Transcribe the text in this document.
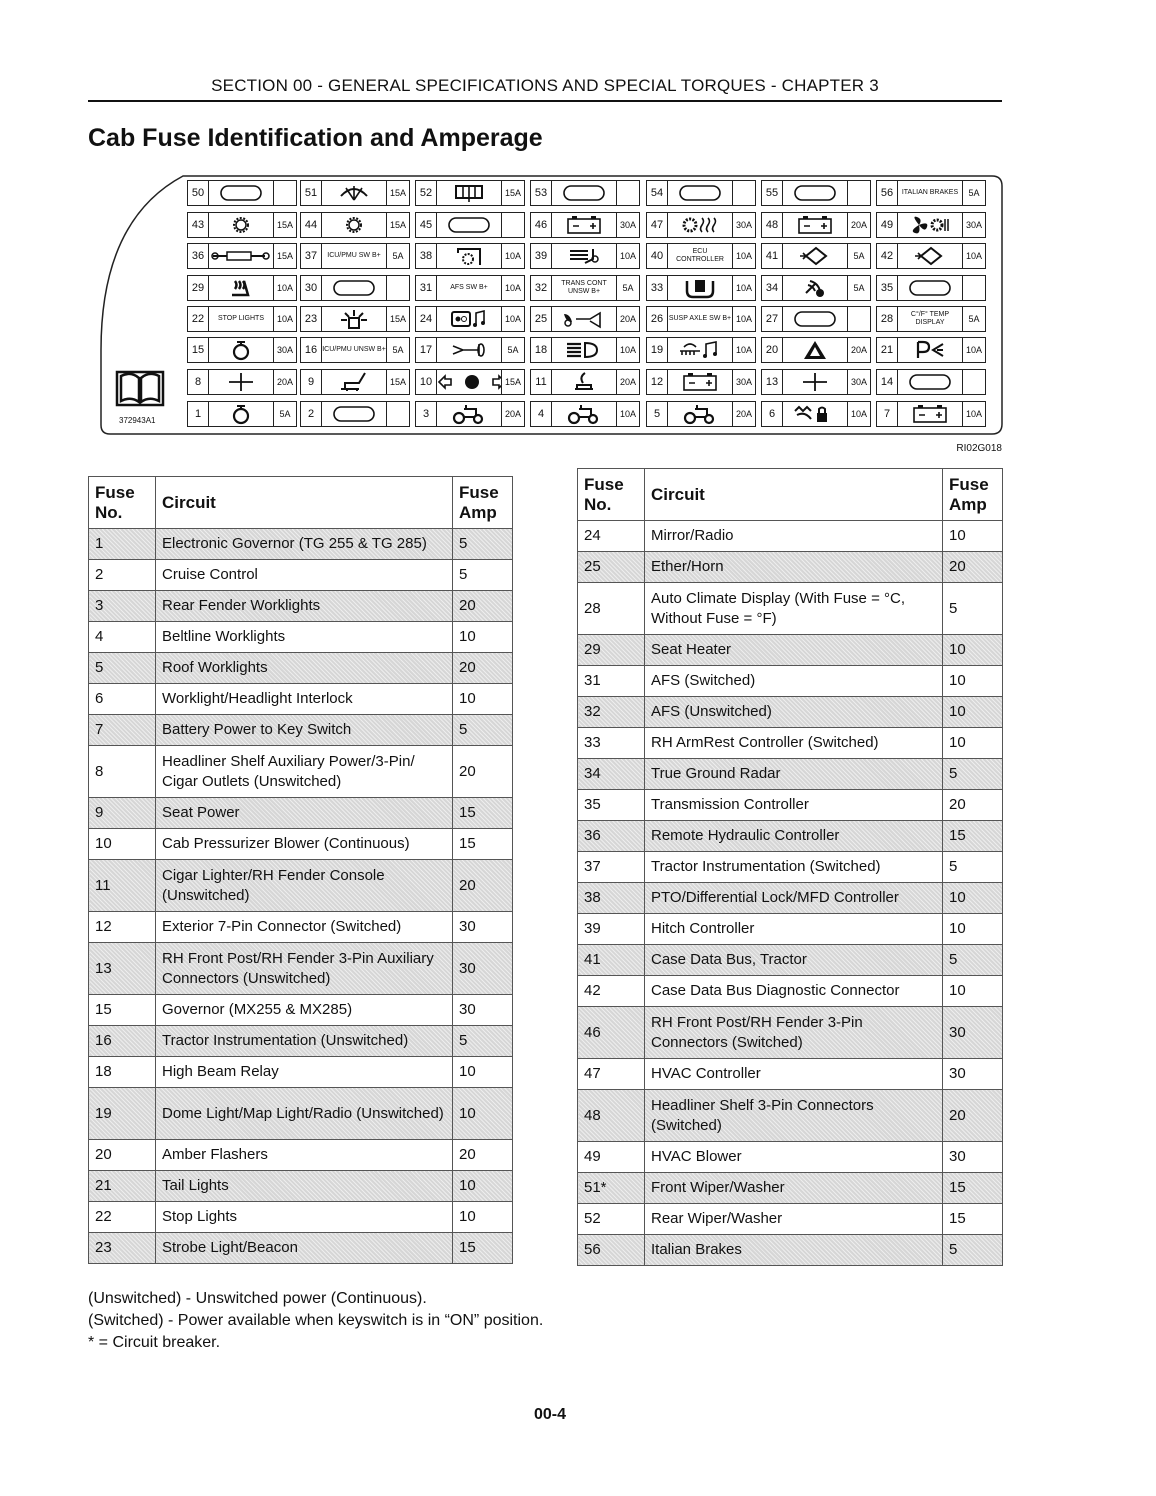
SECTION 00 - GENERAL SPECIFICATIONS AND SPECIAL TORQUES - CHAPTER 3
Cab Fuse Identification and Amperage
50	51	15A	52	15A	53	54	55	56	ITALIAN BRAKES	5A
43	15A	44	15A	45	46	30A	47	30A	48	20A	49	30A
36	15A	37	ICU/PMU SW B+	5A	38	10A	39	10A	40	ECU CONTROLLER	10A	41	5A	42	10A
29	10A	30	31	AFS SW B+	10A	32	TRANS CONT UNSW B+	5A	33	10A	34	5A	35
22	STOP LIGHTS	10A	23	15A	24	10A	25	20A	26 SUSP AXLE SW B+ 10A	27	28	C°/F° TEMP DISPLAY	5A
15	30A	16 ICU/PMU UNSW B+ 5A	17	5A	18	10A	19	10A	20	20A	21	10A
8	20A	9	15A	10	15A	11	20A	12	30A	13	30A	14
1	5A	2	3	20A	4	10A	5	20A	6	10A	7	10A
372943A1
RI02G018
Fuse No.	Circuit	Fuse Amp
1	Electronic Governor (TG 255 & TG 285)	5
2	Cruise Control	5
3	Rear Fender Worklights	20
4	Beltline Worklights	10
5	Roof Worklights	20
6	Worklight/Headlight Interlock	10
7	Battery Power to Key Switch	5
8	Headliner Shelf Auxiliary Power/3-Pin/ Cigar Outlets (Unswitched)	20
9	Seat Power	15
10	Cab Pressurizer Blower (Continuous)	15
11	Cigar Lighter/RH Fender Console (Unswitched)	20
12	Exterior 7-Pin Connector (Switched)	30
13	RH Front Post/RH Fender 3-Pin Auxiliary Connectors (Unswitched)	30
15	Governor (MX255 & MX285)	30
16	Tractor Instrumentation (Unswitched)	5
18	High Beam Relay	10
19	Dome Light/Map Light/Radio (Unswitched)	10
20	Amber Flashers	20
21	Tail Lights	10
22	Stop Lights	10
23	Strobe Light/Beacon	15
Fuse No.	Circuit	Fuse Amp
24	Mirror/Radio	10
25	Ether/Horn	20
28	Auto Climate Display (With Fuse = °C, Without Fuse = °F)	5
29	Seat Heater	10
31	AFS (Switched)	10
32	AFS (Unswitched)	10
33	RH ArmRest Controller (Switched)	10
34	True Ground Radar	5
35	Transmission Controller	20
36	Remote Hydraulic Controller	15
37	Tractor Instrumentation (Switched)	5
38	PTO/Differential Lock/MFD Controller	10
39	Hitch Controller	10
41	Case Data Bus, Tractor	5
42	Case Data Bus Diagnostic Connector	10
46	RH Front Post/RH Fender 3-Pin Connectors (Switched)	30
47	HVAC Controller	30
48	Headliner Shelf 3-Pin Connectors (Switched)	20
49	HVAC Blower	30
51*	Front Wiper/Washer	15
52	Rear Wiper/Washer	15
56	Italian Brakes	5
(Unswitched) - Unswitched power (Continuous).
(Switched) - Power available when keyswitch is in “ON” position.
* = Circuit breaker.
00-4
